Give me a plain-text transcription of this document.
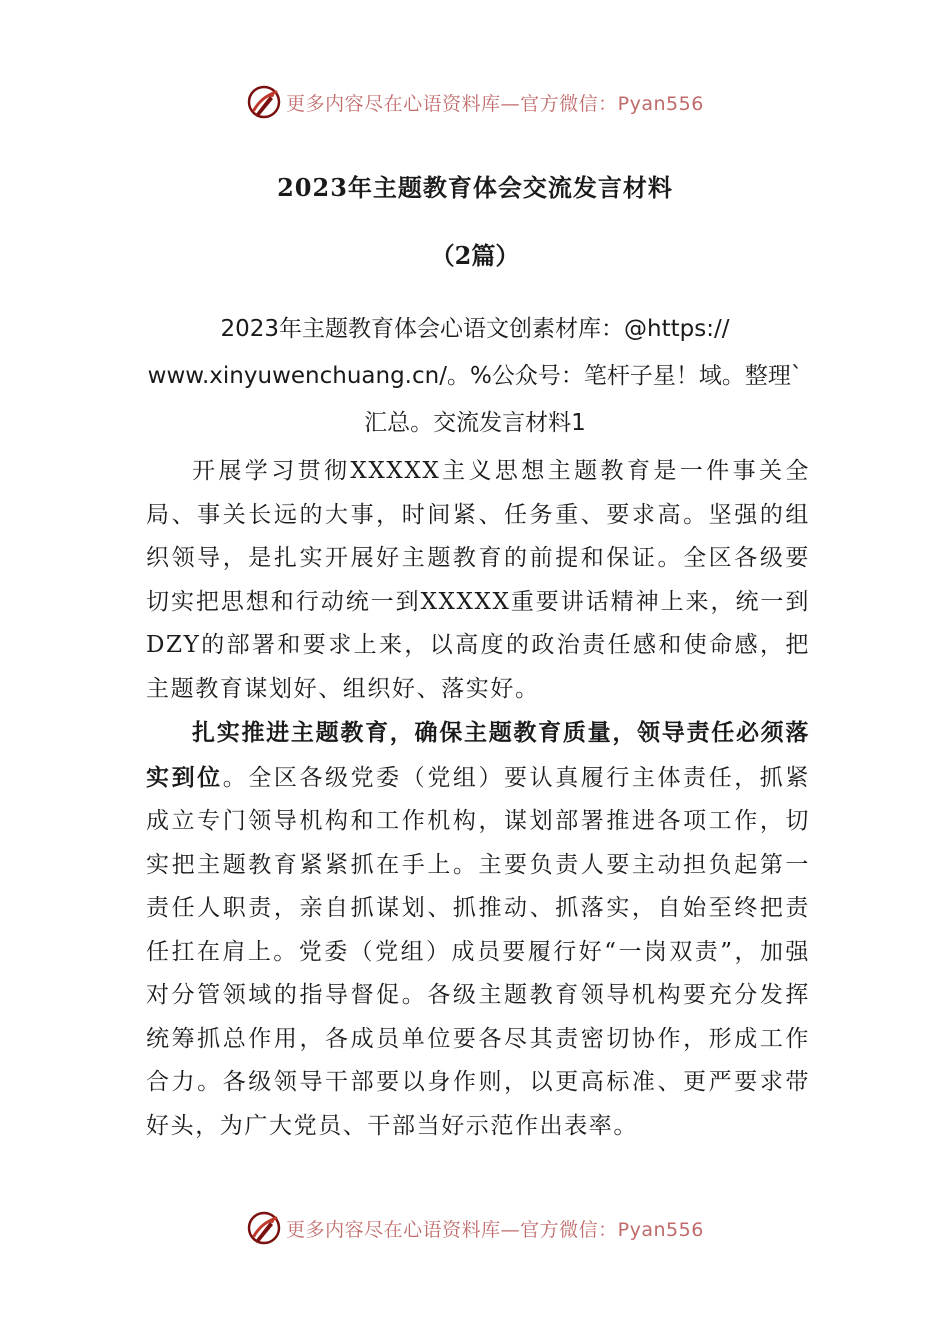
更多内容尽在心语资料库—官方微信：Pyan556
2023年主题教育体会交流发言材料
（2篇）
2023年主题教育体会心语文创素材库：@https://
www.xinyuwenchuang.cn/。%公众号：笔杆子星！域。整理`
汇总。交流发言材料1

开展学习贯彻XXXXX主义思想主题教育是一件事关全局、事关长远的大事，时间紧、任务重、要求高。坚强的组织领导，是扎实开展好主题教育的前提和保证。全区各级要切实把思想和行动统一到XXXXX重要讲话精神上来，统一到DZY的部署和要求上来，以高度的政治责任感和使命感，把主题教育谋划好、组织好、落实好。

扎实推进主题教育，确保主题教育质量，领导责任必须落实到位。全区各级党委（党组）要认真履行主体责任，抓紧成立专门领导机构和工作机构，谋划部署推进各项工作，切实把主题教育紧紧抓在手上。主要负责人要主动担负起第一责任人职责，亲自抓谋划、抓推动、抓落实，自始至终把责任扛在肩上。党委（党组）成员要履行好“一岗双责”，加强对分管领域的指导督促。各级主题教育领导机构要充分发挥统筹抓总作用，各成员单位要各尽其责密切协作，形成工作合力。各级领导干部要以身作则，以更高标准、更严要求带好头，为广大党员、干部当好示范作出表率。

更多内容尽在心语资料库—官方微信：Pyan556
